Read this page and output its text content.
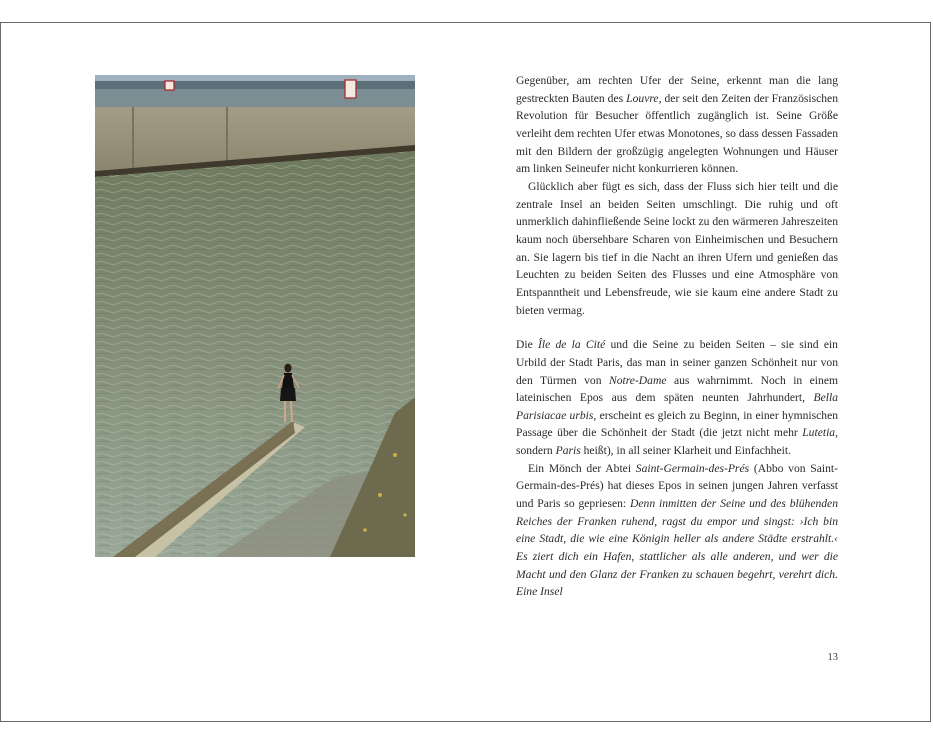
Gegenüber, am rechten Ufer der Seine, erkennt man die lang gestreckten Bauten des Louvre, der seit den Zeiten der Französischen Revolution für Besucher öffentlich zugänglich ist. Seine Größe verleiht dem rechten Ufer etwas Monotones, so dass dessen Fassaden mit den Bildern der großzügig angelegten Wohnungen und Häuser am linken Seineufer nicht konkurrieren können.

Glücklich aber fügt es sich, dass der Fluss sich hier teilt und die zentrale Insel an beiden Seiten umschlingt. Die ruhig und oft unmerklich dahinfließende Seine lockt zu den wärmeren Jahreszeiten kaum noch übersehbare Scharen von Einheimischen und Besuchern an. Sie lagern bis tief in die Nacht an ihren Ufern und genießen das Leuchten zu beiden Seiten des Flusses und eine Atmosphäre von Entspanntheit und Lebensfreude, wie sie kaum eine andere Stadt zu bieten vermag.

Die Île de la Cité und die Seine zu beiden Seiten – sie sind ein Urbild der Stadt Paris, das man in seiner ganzen Schönheit nur von den Türmen von Notre-Dame aus wahrnimmt. Noch in einem lateinischen Epos aus dem späten neunten Jahrhundert, Bella Parisiacae urbis, erscheint es gleich zu Beginn, in einer hymnischen Passage über die Schönheit der Stadt (die jetzt nicht mehr Lutetia, sondern Paris heißt), in all seiner Klarheit und Einfachheit.

Ein Mönch der Abtei Saint-Germain-des-Prés (Abbo von Saint-Germain-des-Prés) hat dieses Epos in seinen jungen Jahren verfasst und Paris so gepriesen: Denn inmitten der Seine und des blühenden Reiches der Franken ruhend, ragst du empor und singst: ›Ich bin eine Stadt, die wie eine Königin heller als andere Städte erstrahlt.‹ Es ziert dich ein Hafen, stattlicher als alle anderen, und wer die Macht und den Glanz der Franken zu schauen begehrt, verehrt dich. Eine Insel

13
